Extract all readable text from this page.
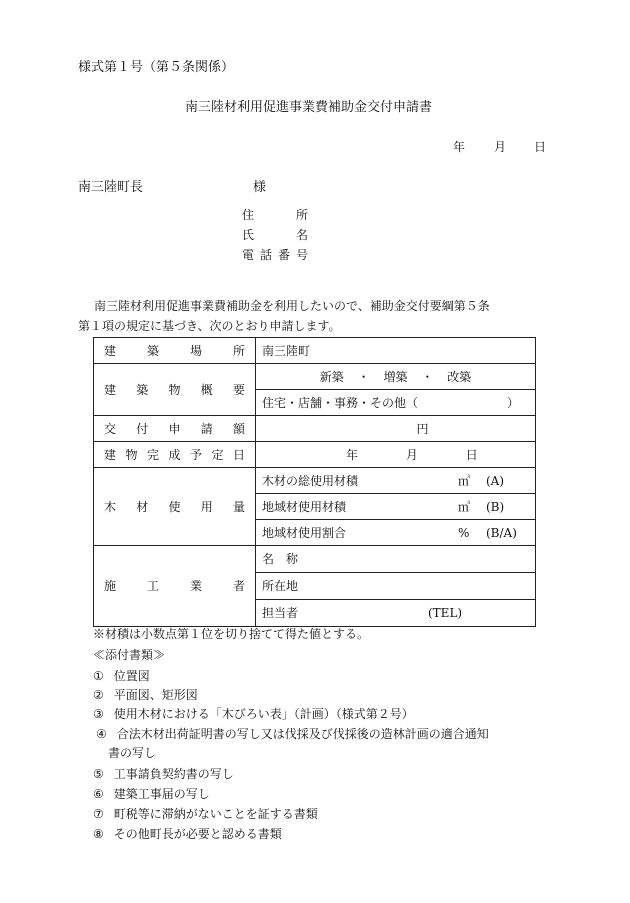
様式第１号（第５条関係）
南三陸材利用促進事業費補助金交付申請書
年 月 日
南三陸町長	様
住　　所
氏　　名
電話番号
南三陸材利用促進事業費補助金を利用したいので、補助金交付要綱第５条
第１項の規定に基づき、次のとおり申請します。
建築場所	南三陸町
建築物概要	新築 ・ 増築 ・ 改築

	住宅・店舗・事務・その他（ ）

交付申請額	円
建物完成予定日	年 月 日
木材使用量	木材の総使用材積 ㎥ (A)

	地域材使用材積 ㎥ (B)

	地域材使用割合 % (B/A)

施工業者	名　称
	所在地

	担当者 (TEL)
※材積は小数点第１位を切り捨てて得た値とする。
≪添付書類≫
① 位置図
② 平面図、矩形図
③ 使用木材における「木びろい表」（計画）（様式第２号）
④ 合法木材出荷証明書の写し又は伐採及び伐採後の造林計画の適合通知
書の写し
⑤ 工事請負契約書の写し
⑥ 建築工事届の写し
⑦ 町税等に滞納がないことを証する書類
⑧ その他町長が必要と認める書類
